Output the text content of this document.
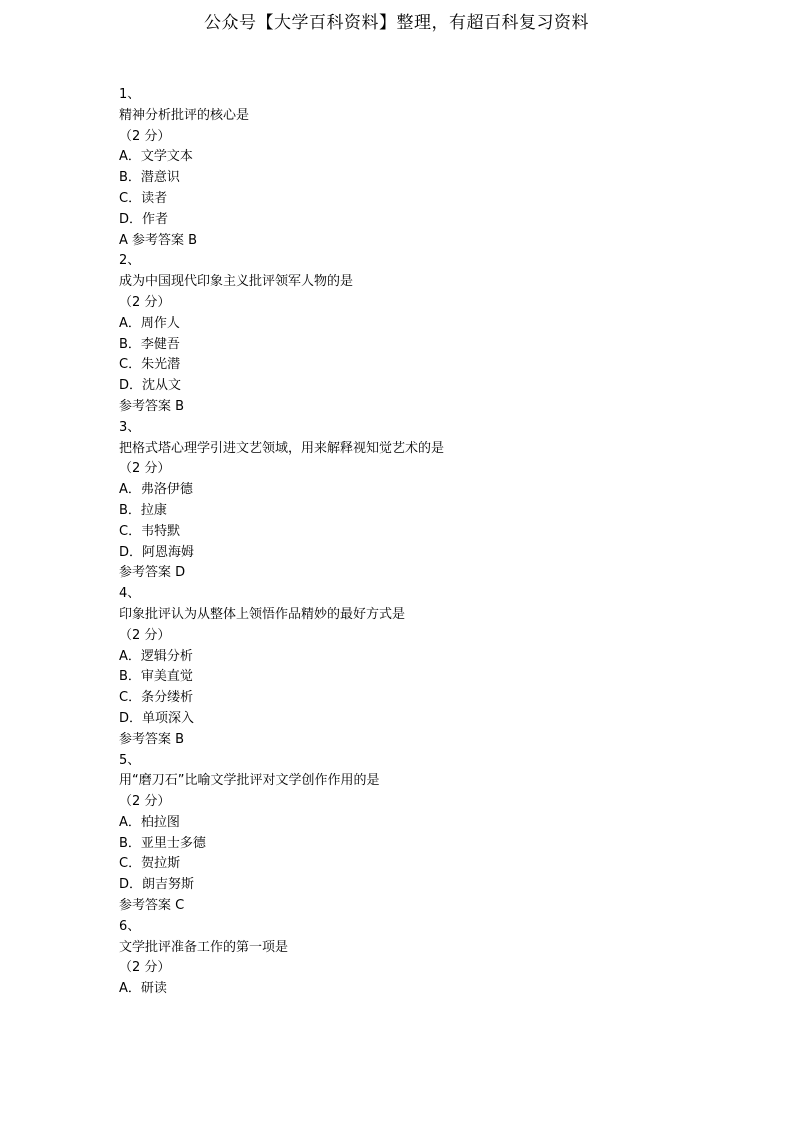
公众号【大学百科资料】整理，有超百科复习资料
1、
精神分析批评的核心是
（2 分）
A．文学文本
B．潜意识
C．读者
D．作者
A 参考答案 B
2、
成为中国现代印象主义批评领军人物的是
（2 分）
A．周作人
B．李健吾
C．朱光潜
D．沈从文
参考答案 B
3、
把格式塔心理学引进文艺领域，用来解释视知觉艺术的是
（2 分）
A．弗洛伊德
B．拉康
C．韦特默
D．阿恩海姆
参考答案 D
4、
印象批评认为从整体上领悟作品精妙的最好方式是
（2 分）
A．逻辑分析
B．审美直觉
C．条分缕析
D．单项深入
参考答案 B
5、
用“磨刀石”比喻文学批评对文学创作作用的是
（2 分）
A．柏拉图
B．亚里士多德
C．贺拉斯
D．朗吉努斯
参考答案 C
6、
文学批评准备工作的第一项是
（2 分）
A．研读
